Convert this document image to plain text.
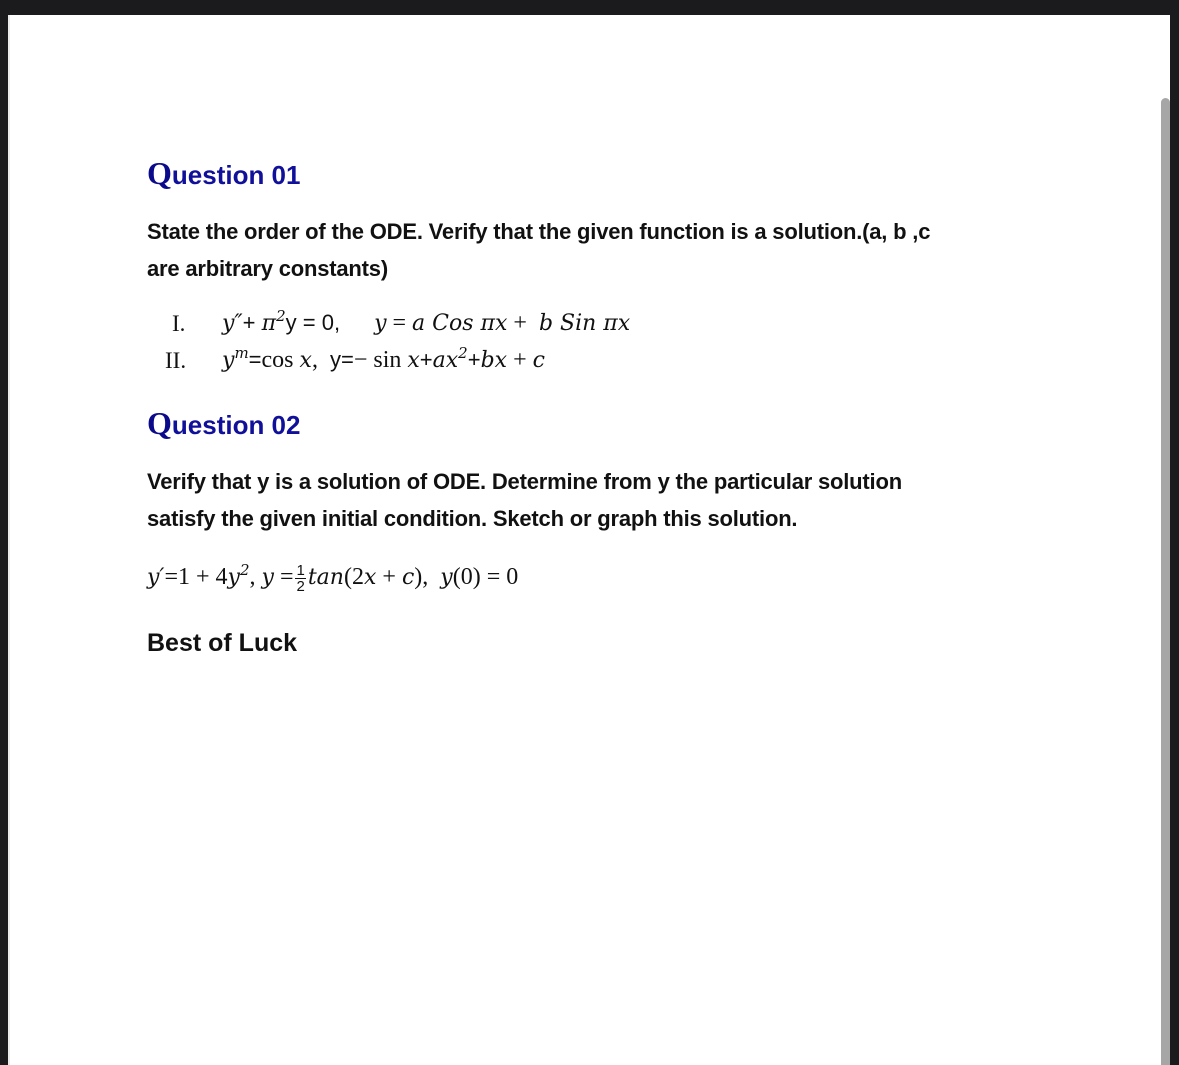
Question 01
State the order of the ODE. Verify that the given function is a solution.(a, b ,c
are arbitrary constants)
I. $y''+ \pi^2y = 0$, y = a Cos πx + b Sin πx
II. $y^m=\cos$ x, $y=- \sin x+ax^2+bx + c$
Question 02
Verify that y is a solution of ODE. Determine from y the particular solution
satisfy the given initial condition. Sketch or graph this solution.
$y'=1 + 4y^2$, $y = \frac{1}{2} \tan(2x + c)$, y(0) = 0
Best of Luck
